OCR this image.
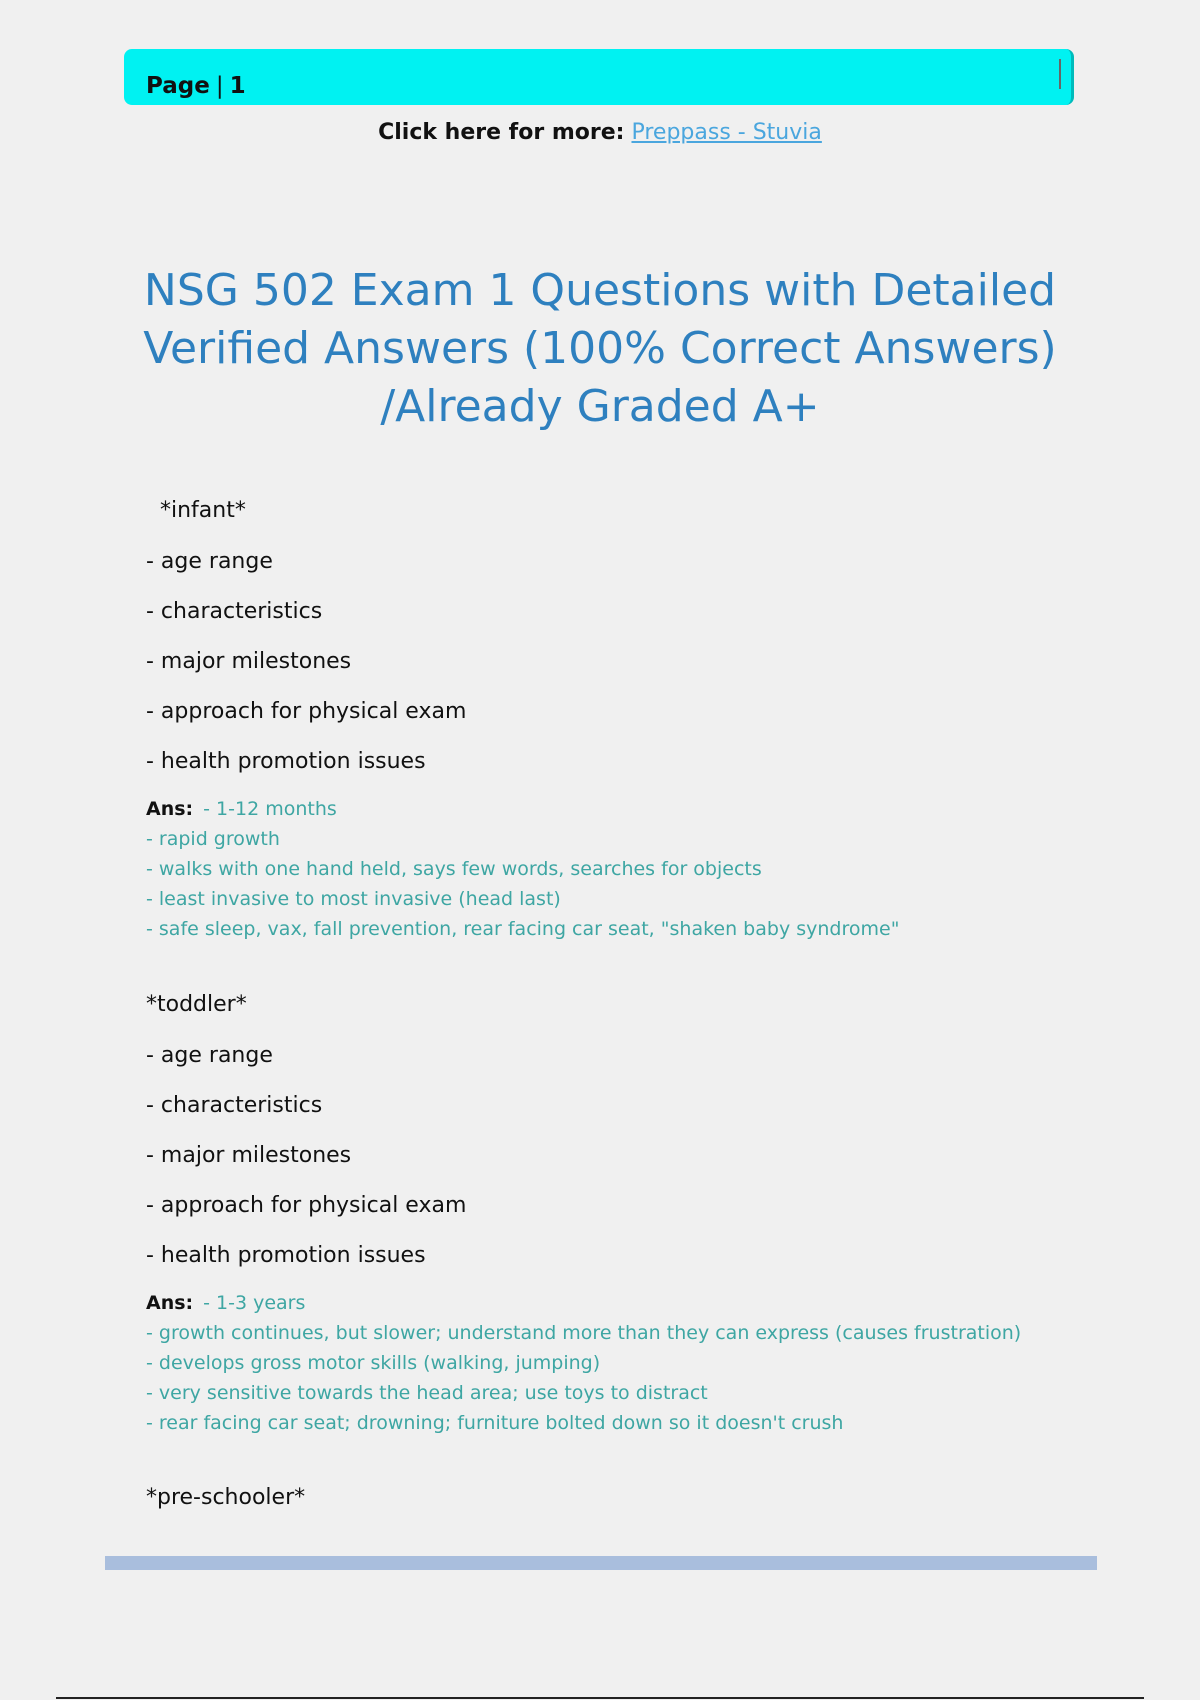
Page | 1
Click here for more: Preppass - Stuvia
NSG 502 Exam 1 Questions with Detailed Verified Answers (100% Correct Answers) /Already Graded A+

*infant*

- age range

- characteristics

- major milestones

- approach for physical exam

- health promotion issues

Ans: - 1-12 months
- rapid growth
- walks with one hand held, says few words, searches for objects
- least invasive to most invasive (head last)
- safe sleep, vax, fall prevention, rear facing car seat, "shaken baby syndrome"

*toddler*

- age range

- characteristics

- major milestones

- approach for physical exam

- health promotion issues

Ans: - 1-3 years
- growth continues, but slower; understand more than they can express (causes frustration)
- develops gross motor skills (walking, jumping)
- very sensitive towards the head area; use toys to distract
- rear facing car seat; drowning; furniture bolted down so it doesn't crush

*pre-schooler*
